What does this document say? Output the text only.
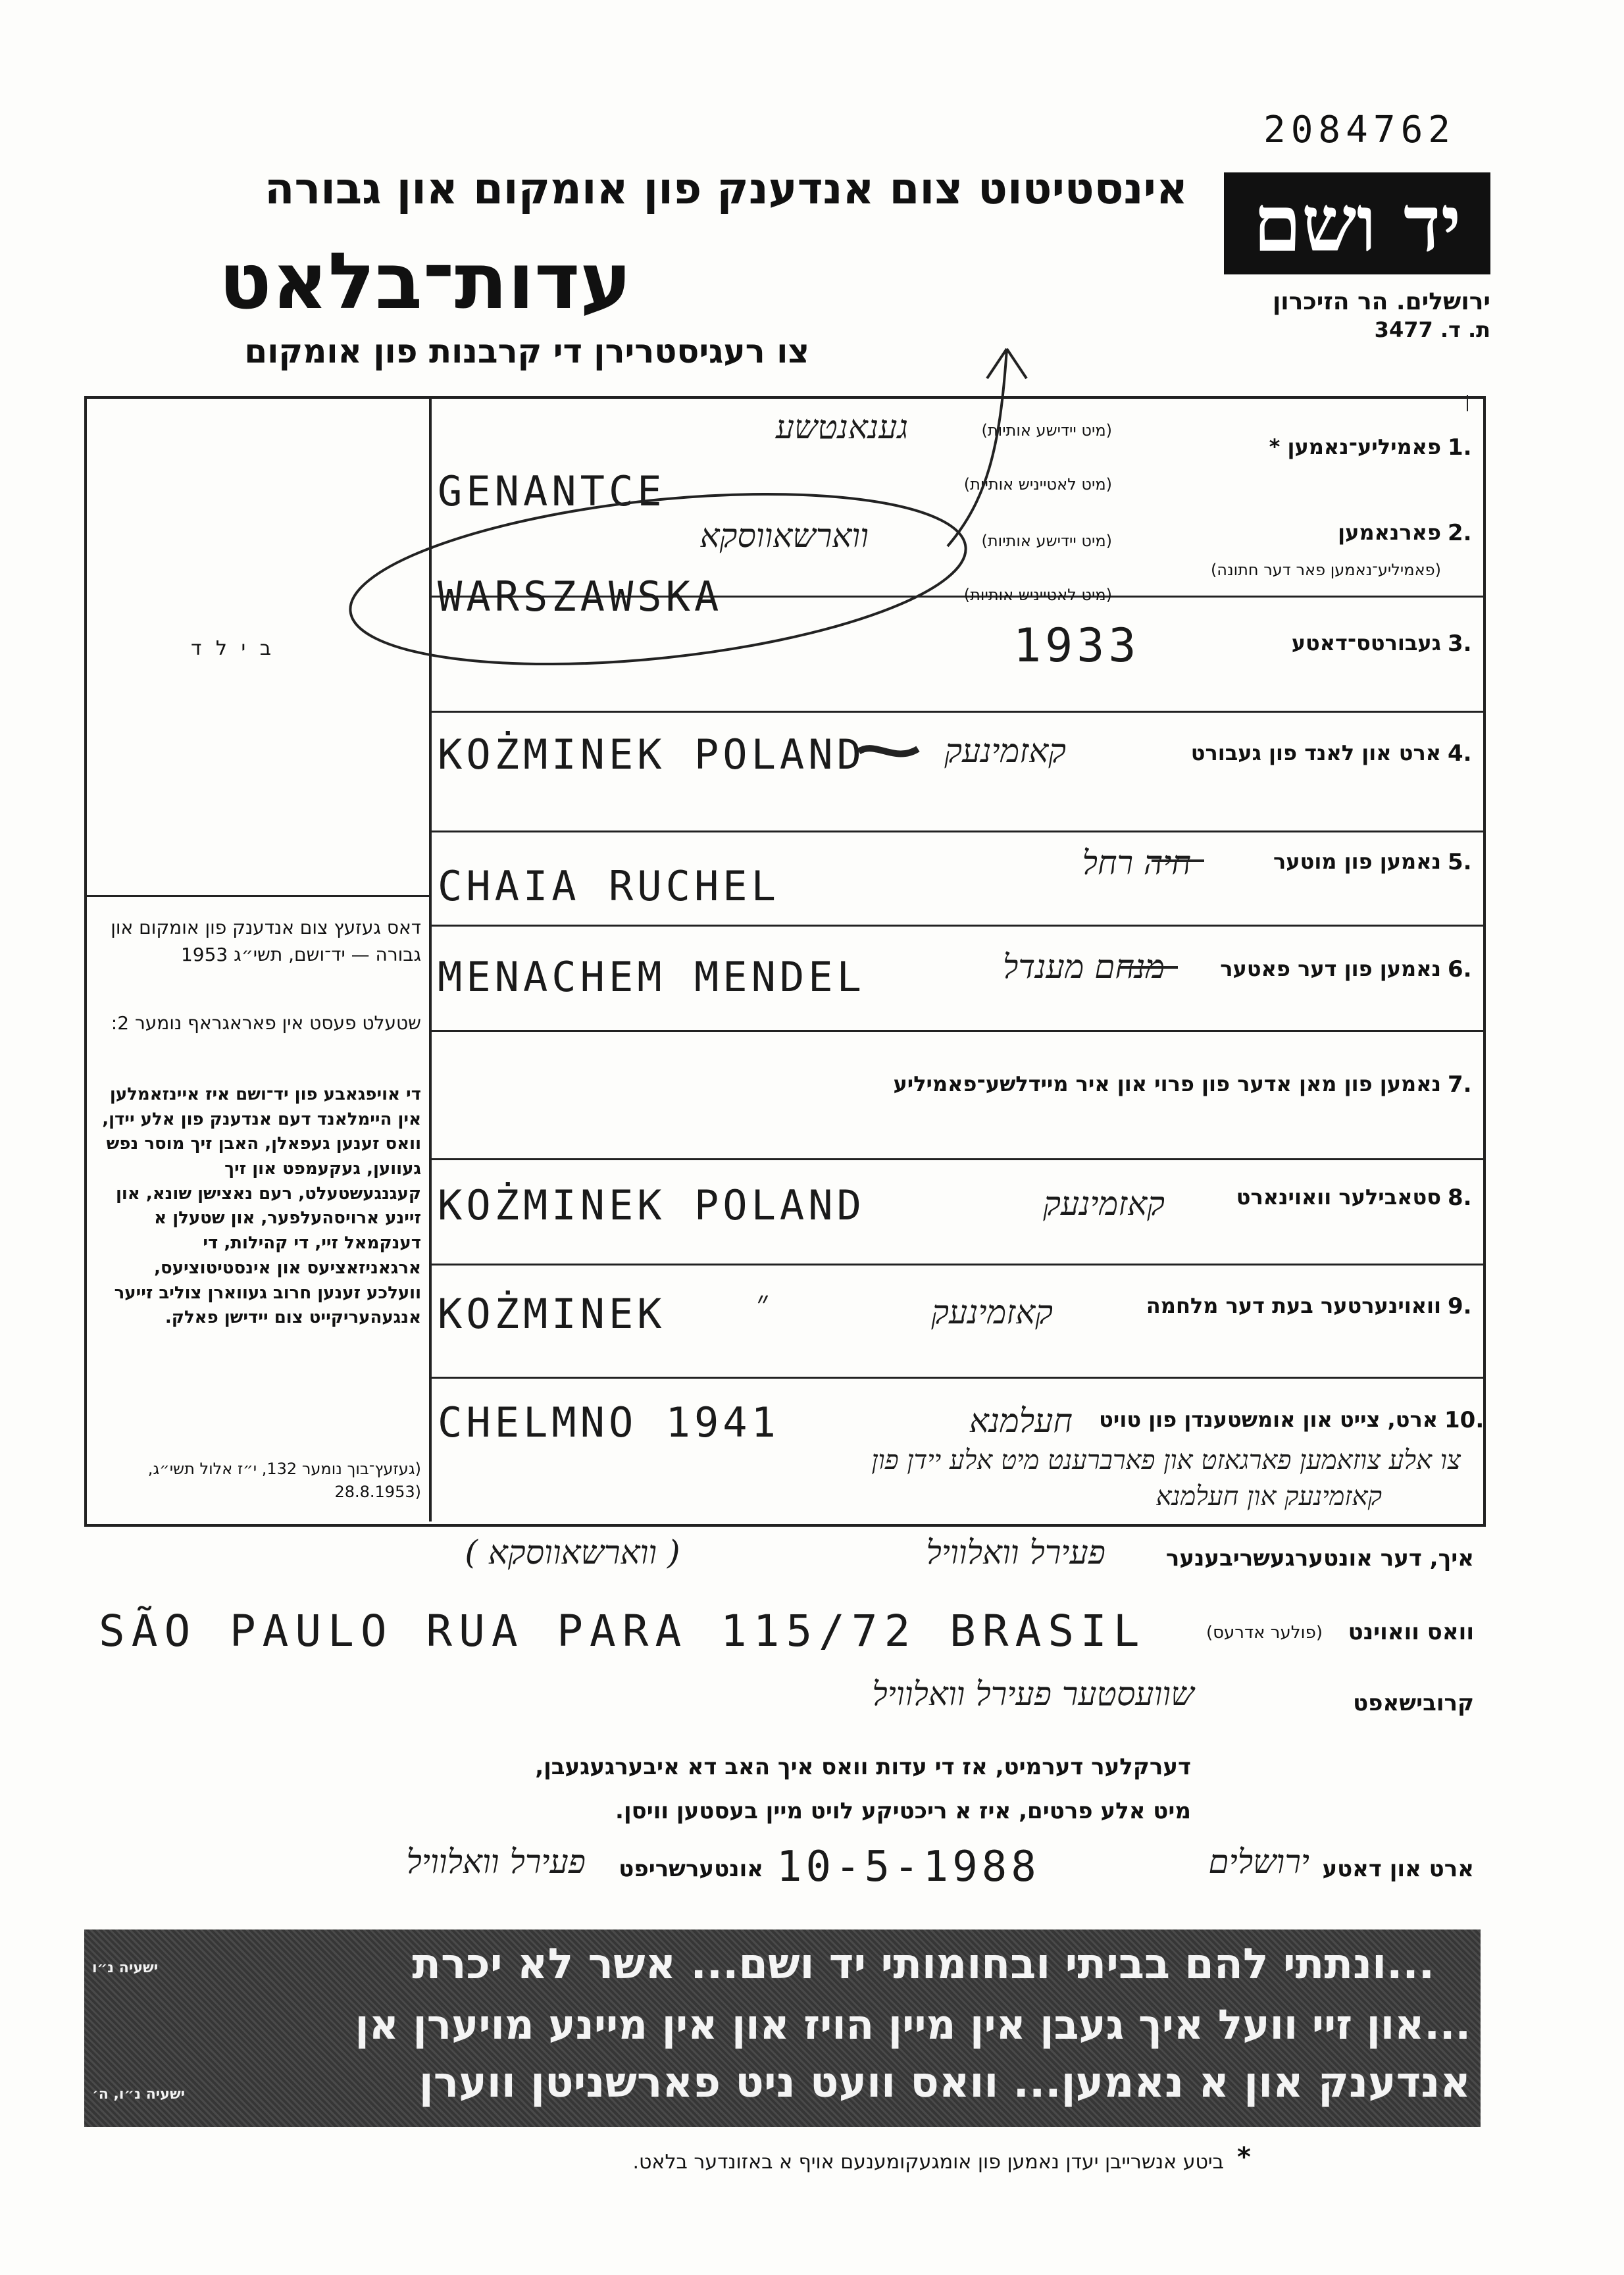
2084762
יד ושם
ירושלים. הר הזיכרון
ת. ד. 3477
אינסטיטוט צום אנדענק פון אומקום און גבורה
עדות־בלאט
צו רעגיסטרירן די קרבנות פון אומקום
ב י ל ד
דאס געזעץ צום אנדענק פון אומקום און גבורה — יד־ושם, תשי״ג 1953
שטעלט פעסט אין פאראגראף נומער 2:
די אויפגאבע פון יד־ושם איז איינזאמלען אין היימלאנד דעם אנדענק פון אלע יידן, וואס זענען געפאלן, האבן זיך מוסר נפש געווען, געקעמפט און זיך קעגנגעשטעלט, רעם נאצישן שונא, און זיינע ארויסהעלפער, און שטעלן א דענקמאל זיי, די קהילות, די ארגאניזאציעס און אינסטיטוציעס, וועלכע זענען חרוב געווארן צוליב זייער אנגעהעריקייט צום יידישן פאלק.
(געזעץ־בוך נומער 132, י״ז אלול תשי״ג, (28.8.1953
1.
פאמיליע־נאמען *
(מיט יידישע אותיות)
(מיט לאטייניש אותיות)
גענאנטשע
GENANTCE
2.
פארנאמען
(פאמיליע־נאמען פאר דער חתונה)
(מיט יידישע אותיות)
(מיט לאטייניש אותיות)
ווארשאווסקא
WARSZAWSKA
3.
געבורטס־דאטע
1933
4.
ארט און לאנד פון געבורט
KOŻMINEK POLAND	קאזמינעק
5.
נאמען פון מוטער
CHAIA RUCHEL	חיה רחל
6.
נאמען פון דער פאטער
MENACHEM MENDEL	מנחם מענדל
7.
נאמען פון מאן אדער פון פרוי און איר מיידלשע־פאמיליע
8.
סטאבילער וואוינארט
KOŻMINEK POLAND	קאזמינעק
9.
וואוינערטער בעת דער מלחמה
KOŻMINEK	״	קאזמינעק
10.
ארט, צייט און אומשטענדן פון טויט
CHELMNO 1941	חעלמנא
צו אלע צוזאמען פארגאזט און פארברענט מיט אלע יידן פון
קאזמינעק און חעלמנא
איך, דער אונטערגעשריבענער
פעירל וואלוויל
( ווארשאווסקא )
וואס וואוינט
(פולער אדרעס)
SÃO PAULO RUA PARA 115/72 BRASIL
קרובישאפט
שוועסטער פעירל וואלוויל
דערקלער דערמיט, אז די עדות וואס איך האב דא איבערגעגעבן,
מיט אלע פרטים, איז א ריכטיקע לויט מיין בעסטען וויסן.
ארט און דאטע
ירושלים
10-5-1988
אונטערשריפט
פעירל וואלוויל
...ונתתי להם בביתי ובחומותי יד ושם... אשר לא יכרת
ישעיה נ״ו
...און זיי וועל איך געבן אין מיין הויז און אין מיינע מויערן אן
אנדענק און א נאמען... וואס וועט ניט פארשניטן ווערן
ישעיה נ״ו, ה׳
*
ביטע אנשרייבן יעדן נאמען פון אומגעקומענעם אויף א באזונדער בלאט.
